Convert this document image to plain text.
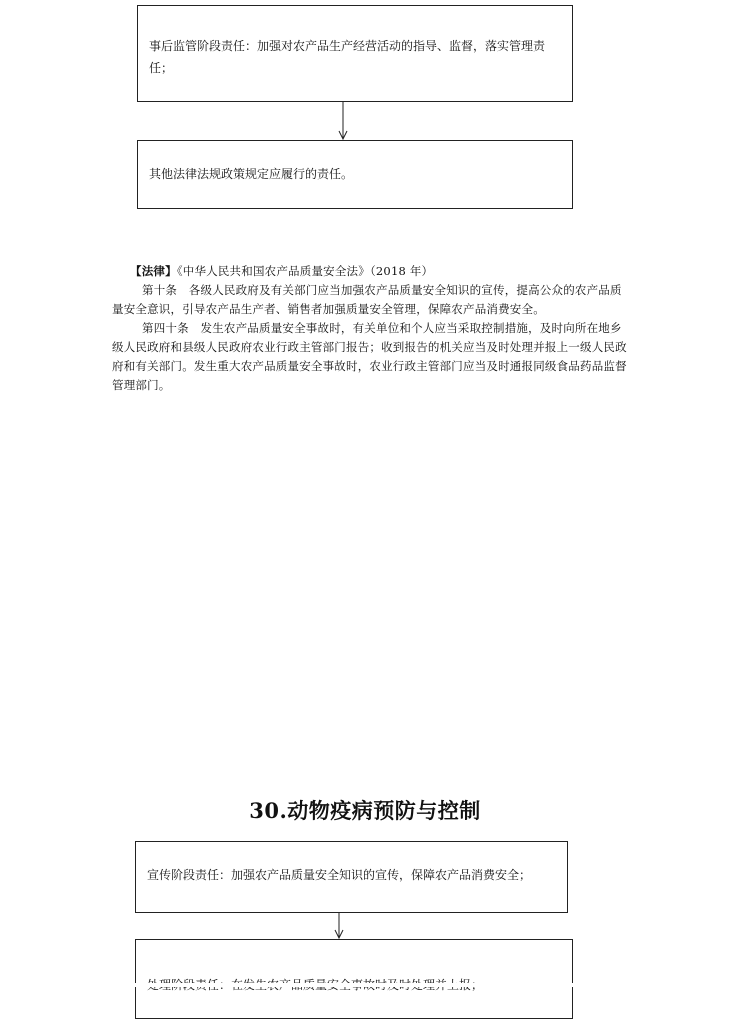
事后监管阶段责任：加强对农产品生产经营活动的指导、监督，落实管理责任；
其他法律法规政策规定应履行的责任。

【法律】《中华人民共和国农产品质量安全法》（2018 年）

第十条　各级人民政府及有关部门应当加强农产品质量安全知识的宣传，提高公众的农产品质量安全意识，引导农产品生产者、销售者加强质量安全管理，保障农产品消费安全。

第四十条　发生农产品质量安全事故时，有关单位和个人应当采取控制措施，及时向所在地乡级人民政府和县级人民政府农业行政主管部门报告；收到报告的机关应当及时处理并报上一级人民政府和有关部门。发生重大农产品质量安全事故时，农业行政主管部门应当及时通报同级食品药品监督管理部门。

30.动物疫病预防与控制
宣传阶段责任：加强农产品质量安全知识的宣传，保障农产品消费安全；
